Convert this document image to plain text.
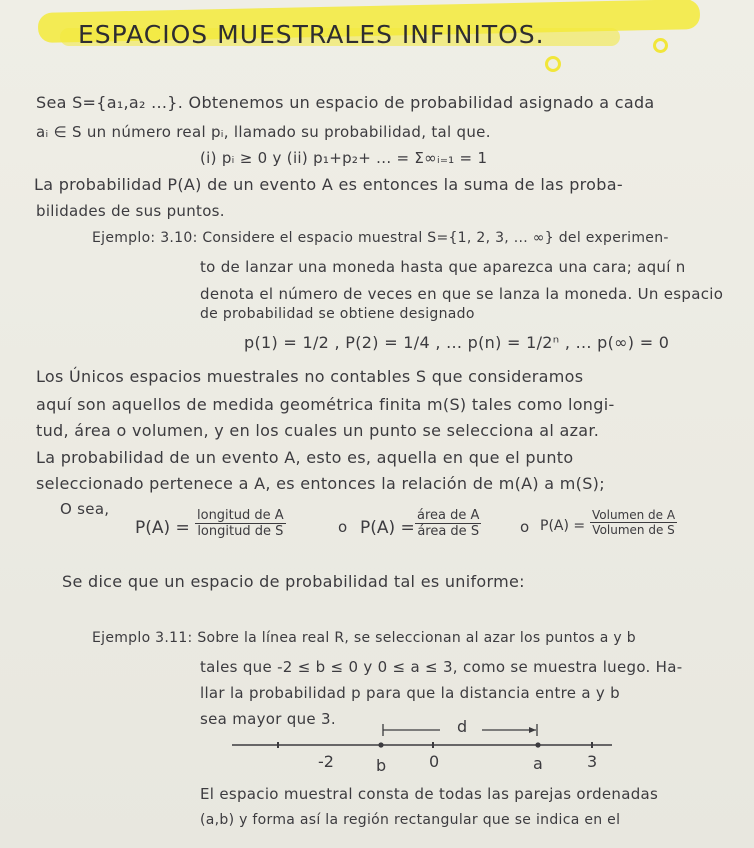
ESPACIOS MUESTRALES INFINITOS.
Sea S={a₁,a₂ ...}. Obtenemos un espacio de probabilidad asignado a cada
aᵢ ∈ S un número real pᵢ, llamado su probabilidad, tal que.
(i) pᵢ ≥ 0 y (ii) p₁+p₂+ ... = Σ∞ᵢ₌₁ = 1
La probabilidad P(A) de un evento A es entonces la suma de las proba-
bilidades de sus puntos.
Ejemplo: 3.10: Considere el espacio muestral S={1, 2, 3, ... ∞} del experimen-
to de lanzar una moneda hasta que aparezca una cara; aquí n
denota el número de veces en que se lanza la moneda. Un espacio
de probabilidad se obtiene designado
p(1) = 1/2 , P(2) = 1/4 , ... p(n) = 1/2ⁿ , ... p(∞) = 0
Los Únicos espacios muestrales no contables S que consideramos
aquí son aquellos de medida geométrica finita m(S) tales como longi-
tud, área o volumen, y en los cuales un punto se selecciona al azar.
La probabilidad de un evento A, esto es, aquella en que el punto
seleccionado pertenece a A, es entonces la relación de m(A) a m(S);
O sea,
P(A) =
longitud de A
longitud de S	o P(A) =
área de A
área de S	o P(A) =
Volumen de A
Volumen de S
Se dice que un espacio de probabilidad tal es uniforme:
Ejemplo 3.11: Sobre la línea real R, se seleccionan al azar los puntos a y b
tales que -2 ≤ b ≤ 0 y 0 ≤ a ≤ 3, como se muestra luego. Ha-
llar la probabilidad p para que la distancia entre a y b
sea mayor que 3.	d
-2	b	0	a	3
El espacio muestral consta de todas las parejas ordenadas
(a,b) y forma así la región rectangular que se indica en el
